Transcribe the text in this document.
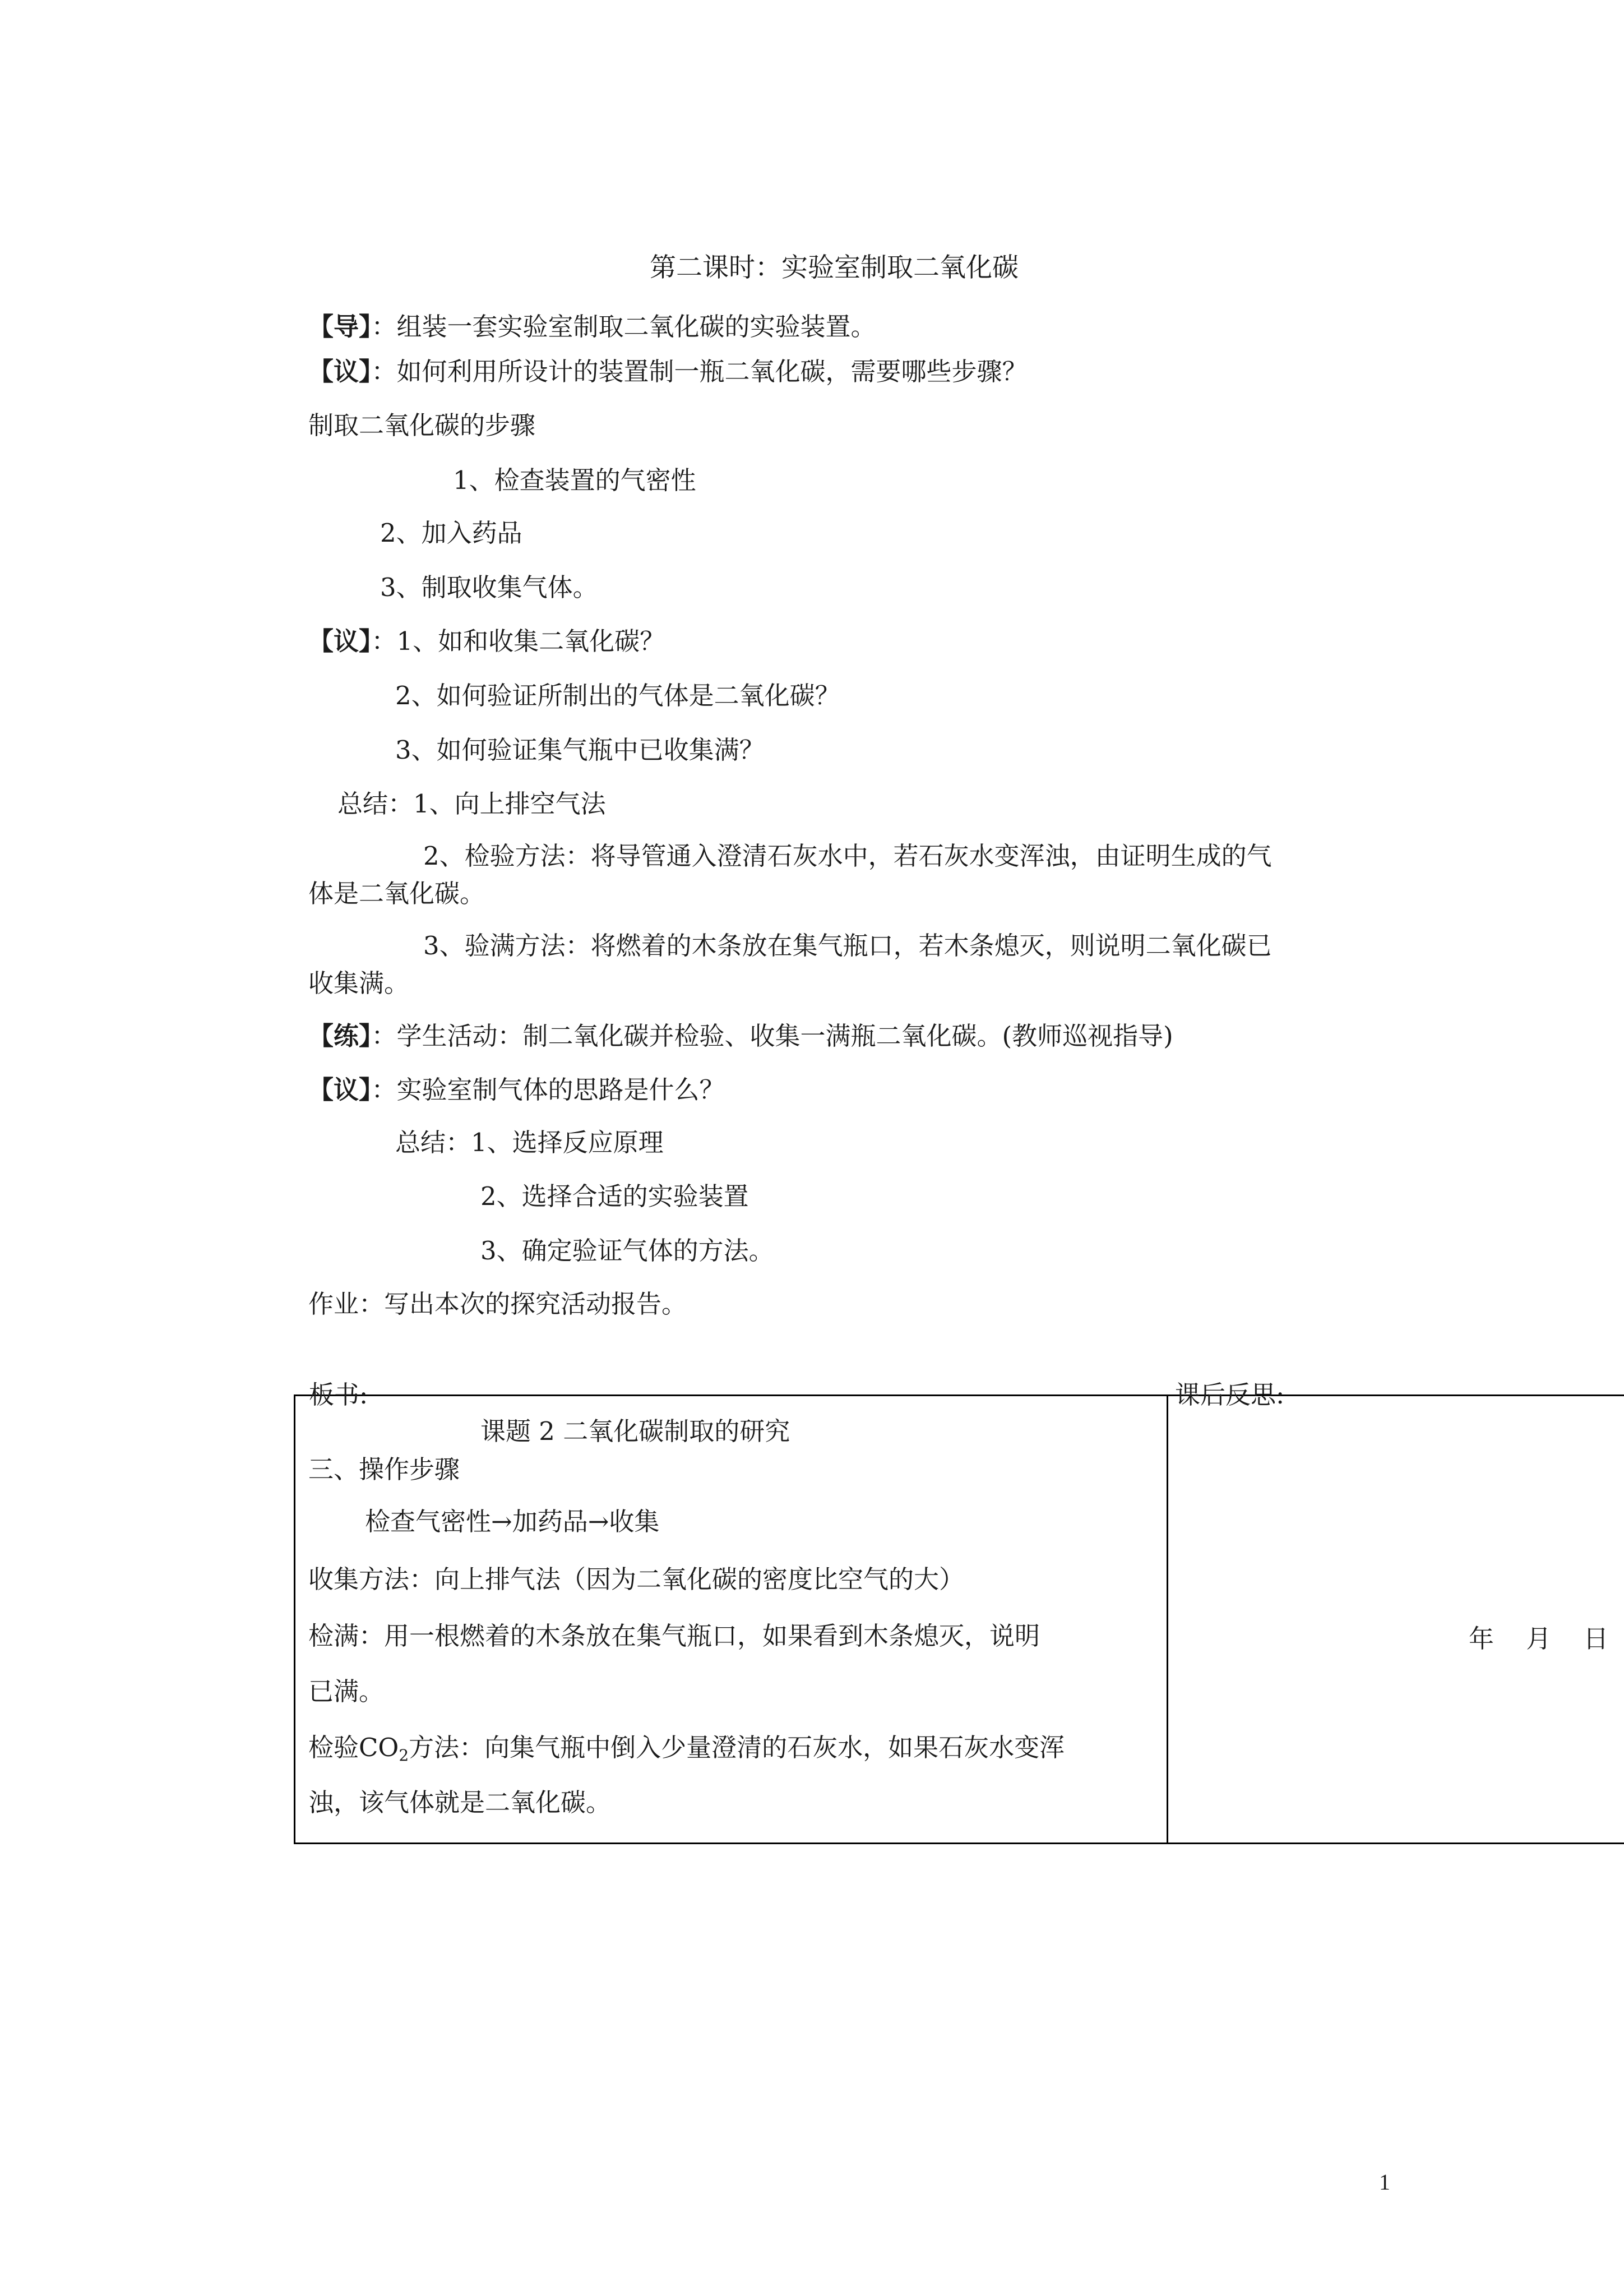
第二课时：实验室制取二氧化碳
【导】：组装一套实验室制取二氧化碳的实验装置。
【议】：如何利用所设计的装置制一瓶二氧化碳，需要哪些步骤？
制取二氧化碳的步骤
1、检查装置的气密性
2、加入药品
3、制取收集气体。
【议】：1、如和收集二氧化碳？
2、如何验证所制出的气体是二氧化碳？
3、如何验证集气瓶中已收集满？
总结：1、向上排空气法
2、检验方法：将导管通入澄清石灰水中，若石灰水变浑浊，由证明生成的气
体是二氧化碳。
3、验满方法：将燃着的木条放在集气瓶口，若木条熄灭，则说明二氧化碳已
收集满。
【练】：学生活动：制二氧化碳并检验、收集一满瓶二氧化碳。(教师巡视指导)
【议】：实验室制气体的思路是什么？
总结：1、选择反应原理
2、选择合适的实验装置
3、确定验证气体的方法。
作业：写出本次的探究活动报告。
板书:	课后反思:
课题 2 二氧化碳制取的研究
三、操作步骤
检查气密性→加药品→收集
收集方法：向上排气法（因为二氧化碳的密度比空气的大）
检满：用一根燃着的木条放在集气瓶口，如果看到木条熄灭，说明
已满。
检验$CO_2$方法：向集气瓶中倒入少量澄清的石灰水，如果石灰水变浑
浊，该气体就是二氧化碳。
年    月    日
1
